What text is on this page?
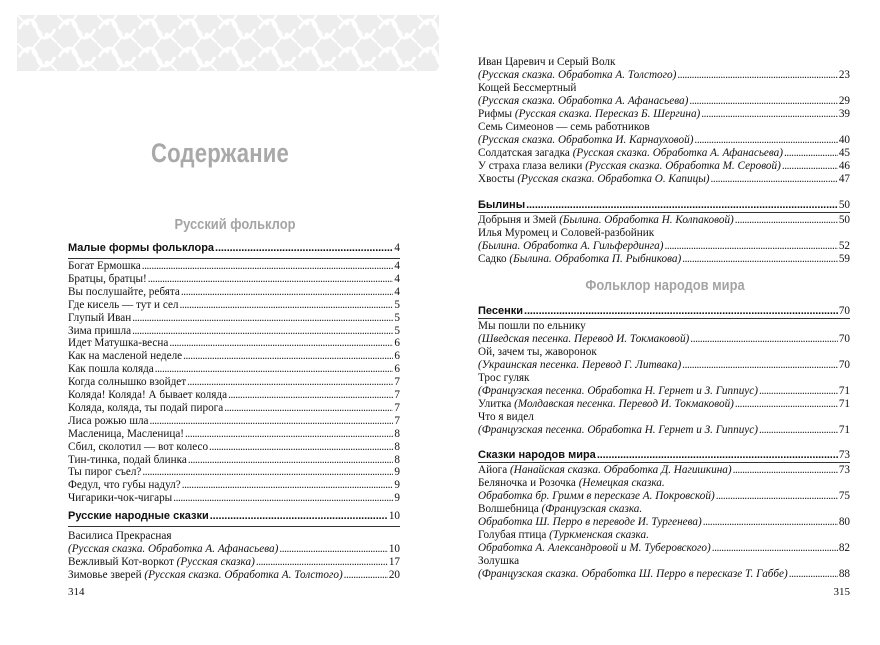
Содержание
Русский фольклор
Малые формы фольклора . . .	4
Богат Ермошка . . .	4
Братцы, братцы! . . .	4
Вы послушайте, ребята . . .	4
Где кисель — тут и сел . . .	5
Глупый Иван . . .	5
Зима пришла . . .	5
Идет Матушка-весна . . .	6
Как на масленой неделе . . .	6
Как пошла коляда . . .	6
Когда солнышко взойдет . . .	7
Коляда! Коляда! А бывает коляда . . .	7
Коляда, коляда, ты подай пирога . . .	7
Лиса рожью шла . . .	7
Масленица, Масленица! . . .	8
Сбил, сколотил — вот колесо . . .	8
Тин-тинка, подай блинка . . .	8
Ты пирог съел? . . .	9
Федул, что губы надул? . . .	9
Чигарики-чок-чигары . . .	9
Русские народные сказки . . .	10
Василиса Прекрасная
(Русская сказка. Обработка А. Афанасьева) . . .	10
Вежливый Кот-воркот
(Русская сказка) . . .	17
Зимовье зверей
(Русская сказка. Обработка А. Толстого) . . .	20
314
Иван Царевич и Серый Волк
(Русская сказка. Обработка А. Толстого) . . .	23
Кощей Бессмертный
(Русская сказка. Обработка А. Афанасьева) . . .	29
Рифмы
(Русская сказка. Пересказ Б. Шергина) . . .	39
Семь Симеонов — семь работников
(Русская сказка. Обработка И. Карнауховой) . . .	40
Солдатская загадка
(Русская сказка. Обработка А. Афанасьева) . . .	45
У страха глаза велики
(Русская сказка. Обработка М. Серовой) . . .	46
Хвосты
(Русская сказка. Обработка О. Капицы) . . .	47
Былины . . .	50
Добрыня и Змей
(Былина. Обработка Н. Колпаковой) . . .	50
Илья Муромец и Соловей-разбойник
(Былина. Обработка А. Гильфердинга) . . .	52
Садко
(Былина. Обработка П. Рыбникова) . . .	59
Фольклор народов мира
Песенки . . .	70
Мы пошли по ельнику
(Шведская песенка. Перевод И. Токмаковой) . . .	70
Ой, зачем ты, жаворонок
(Украинская песенка. Перевод Г. Литвака) . . .	70
Трос гуляк
(Французская песенка. Обработка Н. Гернет и З. Гиппиус) . . .	71
Улитка
(Молдавская песенка. Перевод И. Токмаковой) . . .	71
Что я видел
(Французская песенка. Обработка Н. Гернет и З. Гиппиус) . . .	71
Сказки народов мира . . .	73
Айога
(Нанайская сказка. Обработка Д. Нагишкина) . . .	73
Беляночка и Розочка (Немецкая сказка.
Обработка бр. Гримм в пересказе А. Покровской) . . .	75
Волшебница (Французская сказка.
Обработка Ш. Перро в переводе И. Тургенева) . . .	80
Голубая птица (Туркменская сказка.
Обработка А. Александровой и М. Туберовского) . . .	82
Золушка
(Французская сказка. Обработка Ш. Перро в пересказе Т. Габбе) . . .	88
315
